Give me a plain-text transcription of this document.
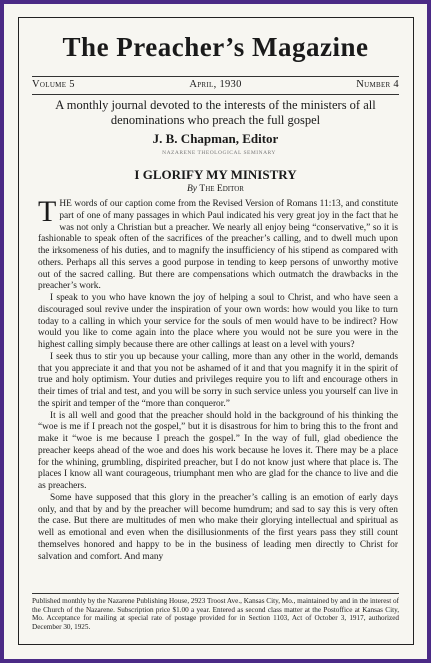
The Preacher’s Magazine
Volume 5	April, 1930	Number 4
A monthly journal devoted to the interests of the ministers of all denominations who preach the full gospel
J. B. Chapman, Editor
NAZARENE THEOLOGICAL SEMINARY
I GLORIFY MY MINISTRY
By The Editor

THE words of our caption come from the Revised Version of Romans 11:13, and constitute part of one of many passages in which Paul indicated his very great joy in the fact that he was not only a Christian but a preacher. We nearly all enjoy being “conservative,” so it is fashionable to speak often of the sacrifices of the preacher’s calling, and to dwell much upon the irksomeness of his duties, and to magnify the insufficiency of his stipend as compared with others. Perhaps all this serves a good purpose in tending to keep persons of unworthy motive out of the sacred calling. But there are compensations which outmatch the drawbacks in the preacher’s work.

I speak to you who have known the joy of helping a soul to Christ, and who have seen a discouraged soul revive under the inspiration of your own words: how would you like to turn today to a calling in which your service for the souls of men would have to be indirect? How would you like to come again into the place where you would not be sure you were in the highest calling simply because there are other callings at least on a level with yours?

I seek thus to stir you up because your calling, more than any other in the world, demands that you appreciate it and that you not be ashamed of it and that you magnify it in the spirit of true and holy optimism. Your duties and privileges require you to lift and encourage others in their times of trial and test, and you will be sorry in such service unless you yourself can live in the spirit and temper of the “more than conqueror.”

It is all well and good that the preacher should hold in the background of his thinking the “woe is me if I preach not the gospel,” but it is disastrous for him to bring this to the front and make it “woe is me because I preach the gospel.” In the way of full, glad obedience the preacher keeps ahead of the woe and does his work because he loves it. There may be a place for the whining, grumbling, dispirited preacher, but I do not know just where that place is. The places I know all want courageous, triumphant men who are glad for the chance to live and die as preachers.

Some have supposed that this glory in the preacher’s calling is an emotion of early days only, and that by and by the preacher will become humdrum; and sad to say this is very often the case. But there are multitudes of men who make their glorying intellectual and spiritual as well as emotional and even when the disillusionments of the first years pass they still count themselves honored and happy to be in the business of leading men directly to Christ for salvation and comfort. And many

Published monthly by the Nazarene Publishing House, 2923 Troost Ave., Kansas City, Mo., maintained by and in the interest of the Church of the Nazarene. Subscription price $1.00 a year. Entered as second class matter at the Postoffice at Kansas City, Mo. Acceptance for mailing at special rate of postage provided for in Section 1103, Act of October 3, 1917, authorized December 30, 1925.
